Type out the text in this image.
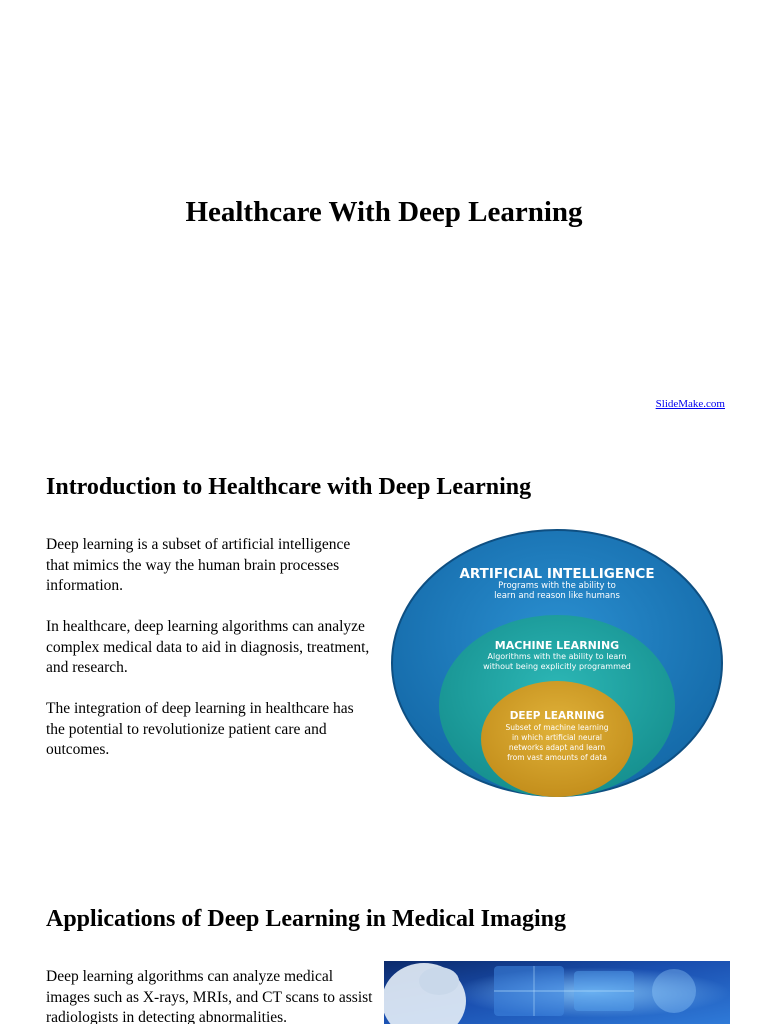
Healthcare With Deep Learning
SlideMake.com
Introduction to Healthcare with Deep Learning

Deep learning is a subset of artificial intelligence that mimics the way the human brain processes information.

In healthcare, deep learning algorithms can analyze complex medical data to aid in diagnosis, treatment, and research.

The integration of deep learning in healthcare has the potential to revolutionize patient care and outcomes.

ARTIFICIAL INTELLIGENCE
Programs with the ability to
learn and reason like humans
MACHINE LEARNING
Algorithms with the ability to learn
without being explicitly programmed
DEEP LEARNING
Subset of machine learning
in which artificial neural
networks adapt and learn
from vast amounts of data
Applications of Deep Learning in Medical Imaging

Deep learning algorithms can analyze medical images such as X-rays, MRIs, and CT scans to assist radiologists in detecting abnormalities.
